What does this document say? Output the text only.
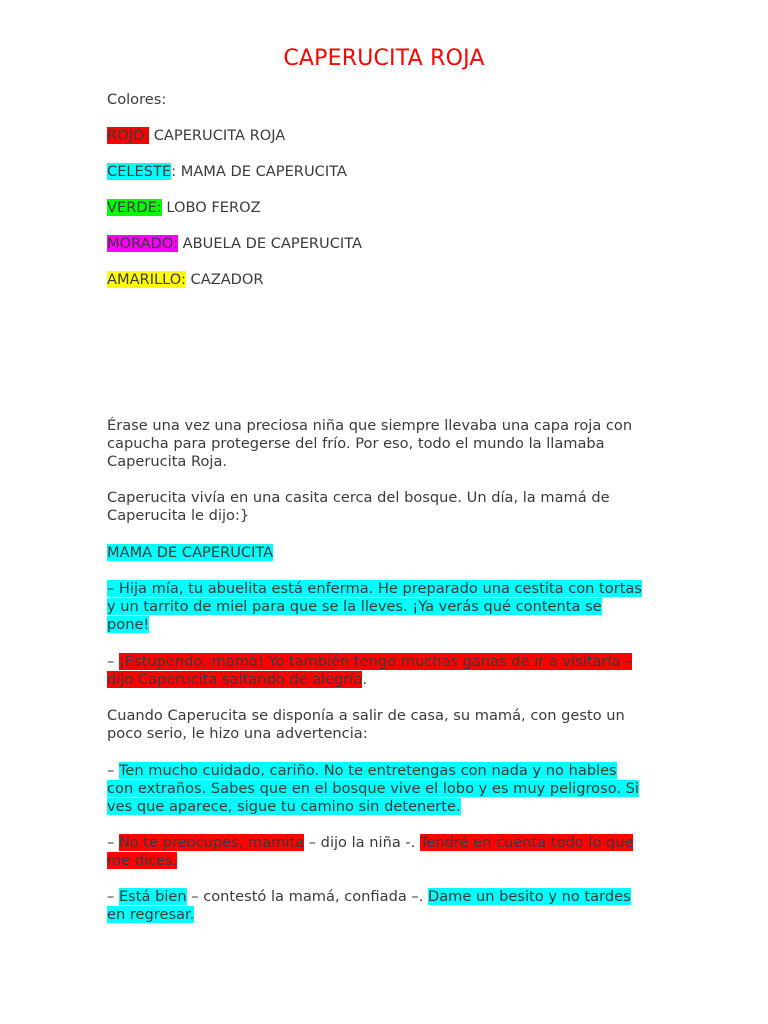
CAPERUCITA ROJA
Colores:
ROJO: CAPERUCITA ROJA
CELESTE: MAMA DE CAPERUCITA
VERDE: LOBO FEROZ
MORADO: ABUELA DE CAPERUCITA
AMARILLO: CAZADOR
Érase una vez una preciosa niña que siempre llevaba una capa roja con
capucha para protegerse del frío. Por eso, todo el mundo la llamaba
Caperucita Roja.
Caperucita vivía en una casita cerca del bosque. Un día, la mamá de
Caperucita le dijo:}
MAMA DE CAPERUCITA
– Hija mía, tu abuelita está enferma. He preparado una cestita con tortas
y un tarrito de miel para que se la lleves. ¡Ya verás qué contenta se
pone!
– ¡Estupendo, mamá! Yo también tengo muchas ganas de ir a visitarla –
dijo Caperucita saltando de alegría.
Cuando Caperucita se disponía a salir de casa, su mamá, con gesto un
poco serio, le hizo una advertencia:
– Ten mucho cuidado, cariño. No te entretengas con nada y no hables
con extraños. Sabes que en el bosque vive el lobo y es muy peligroso. Si
ves que aparece, sigue tu camino sin detenerte.
– No te preocupes, mamita – dijo la niña -. Tendré en cuenta todo lo que
me dices.
– Está bien – contestó la mamá, confiada –. Dame un besito y no tardes
en regresar.
